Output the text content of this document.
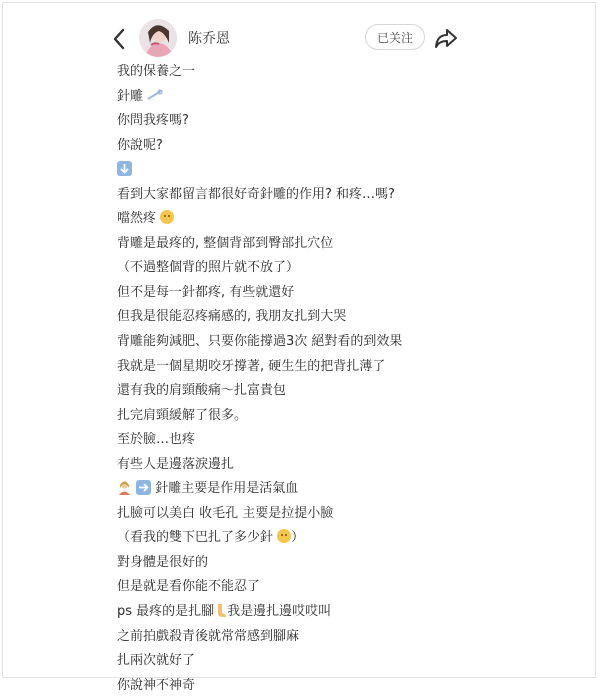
陈乔恩	已关注
我的保養之一
針雕
你問我疼嗎?
你說呢?
看到大家都留言都很好奇針雕的作用? 和疼…嗎?
噹然疼
背雕是最疼的, 整個背部到臀部扎穴位
（不過整個背的照片就不放了）
但不是每一針都疼, 有些就還好
但我是很能忍疼痛感的, 我朋友扎到大哭
背雕能夠減肥、只要你能撐過3次 絕對看的到效果
我就是一個星期咬牙撐著, 硬生生的把背扎薄了
還有我的肩頸酸痛～扎富貴包
扎完肩頸緩解了很多。
至於臉…也疼
有些人是邊落淚邊扎
針雕主要是作用是活氣血
扎臉可以美白 收毛孔 主要是拉提小臉
（看我的雙下巴扎了多少針 ）
對身體是很好的
但是就是看你能不能忍了
ps 最疼的是扎腳 我是邊扎邊哎哎叫
之前拍戲殺青後就常常感到腳麻
扎兩次就好了
你說神不神奇
